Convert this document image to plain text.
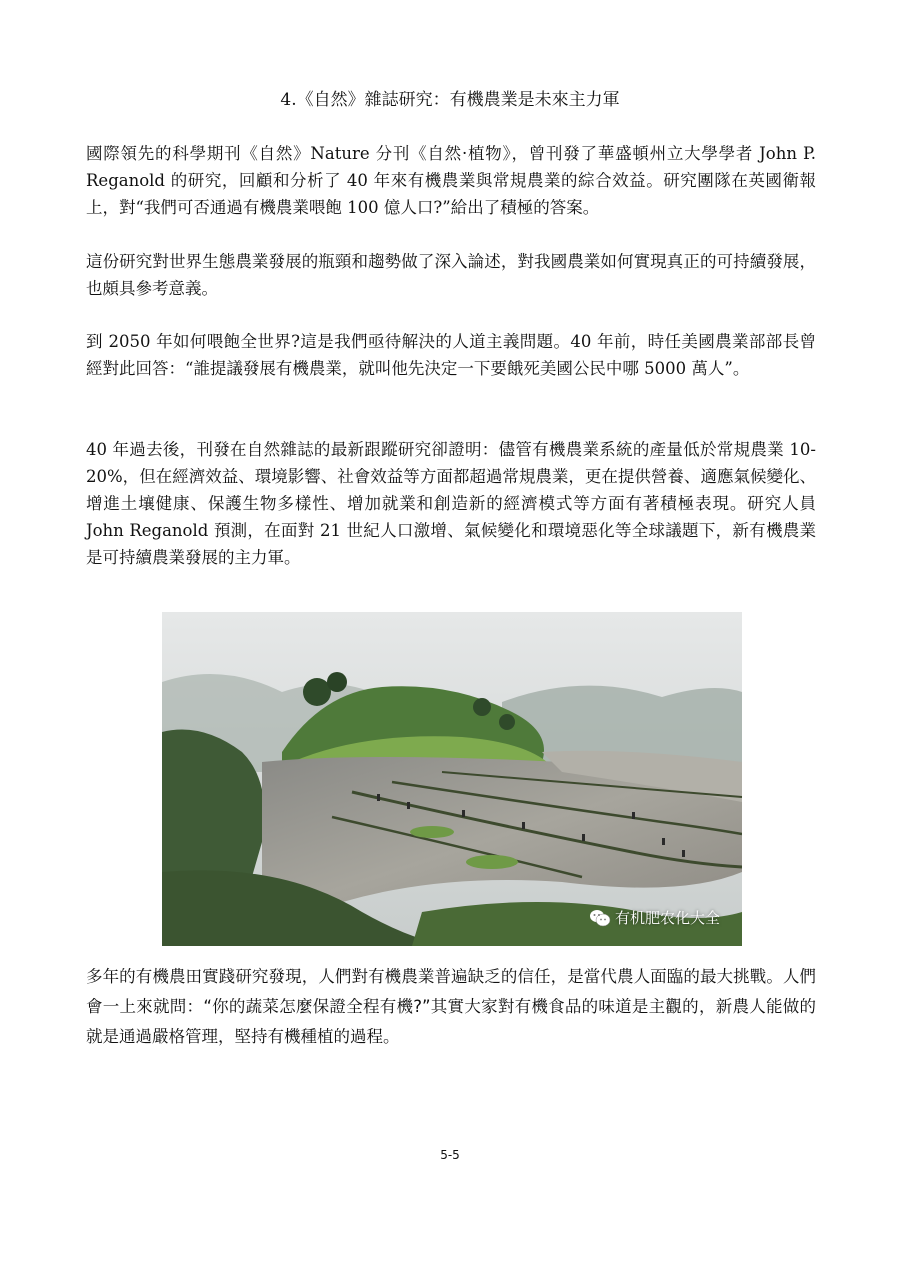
4.《自然》雜誌研究：有機農業是未來主力軍

國際領先的科學期刊《自然》Nature 分刊《自然·植物》，曾刊發了華盛頓州立大學學者 John P. Reganold 的研究，回顧和分析了 40 年來有機農業與常規農業的綜合效益。研究團隊在英國衛報上，對“我們可否通過有機農業喂飽 100 億人口?”給出了積極的答案。

這份研究對世界生態農業發展的瓶頸和趨勢做了深入論述，對我國農業如何實現真正的可持續發展，也頗具參考意義。

到 2050 年如何喂飽全世界?這是我們亟待解決的人道主義問題。40 年前，時任美國農業部部長曾經對此回答：“誰提議發展有機農業，就叫他先決定一下要餓死美國公民中哪 5000 萬人”。

40 年過去後，刊發在自然雜誌的最新跟蹤研究卻證明：儘管有機農業系統的產量低於常規農業 10-20%，但在經濟效益、環境影響、社會效益等方面都超過常規農業，更在提供營養、適應氣候變化、增進土壤健康、保護生物多樣性、增加就業和創造新的經濟模式等方面有著積極表現。研究人員 John Reganold 預測，在面對 21 世紀人口激增、氣候變化和環境惡化等全球議題下，新有機農業是可持續農業發展的主力軍。

有机肥农化大全

多年的有機農田實踐研究發現，人們對有機農業普遍缺乏的信任，是當代農人面臨的最大挑戰。人們會一上來就問：“你的蔬菜怎麼保證全程有機?”其實大家對有機食品的味道是主觀的，新農人能做的就是通過嚴格管理，堅持有機種植的過程。

5-5
